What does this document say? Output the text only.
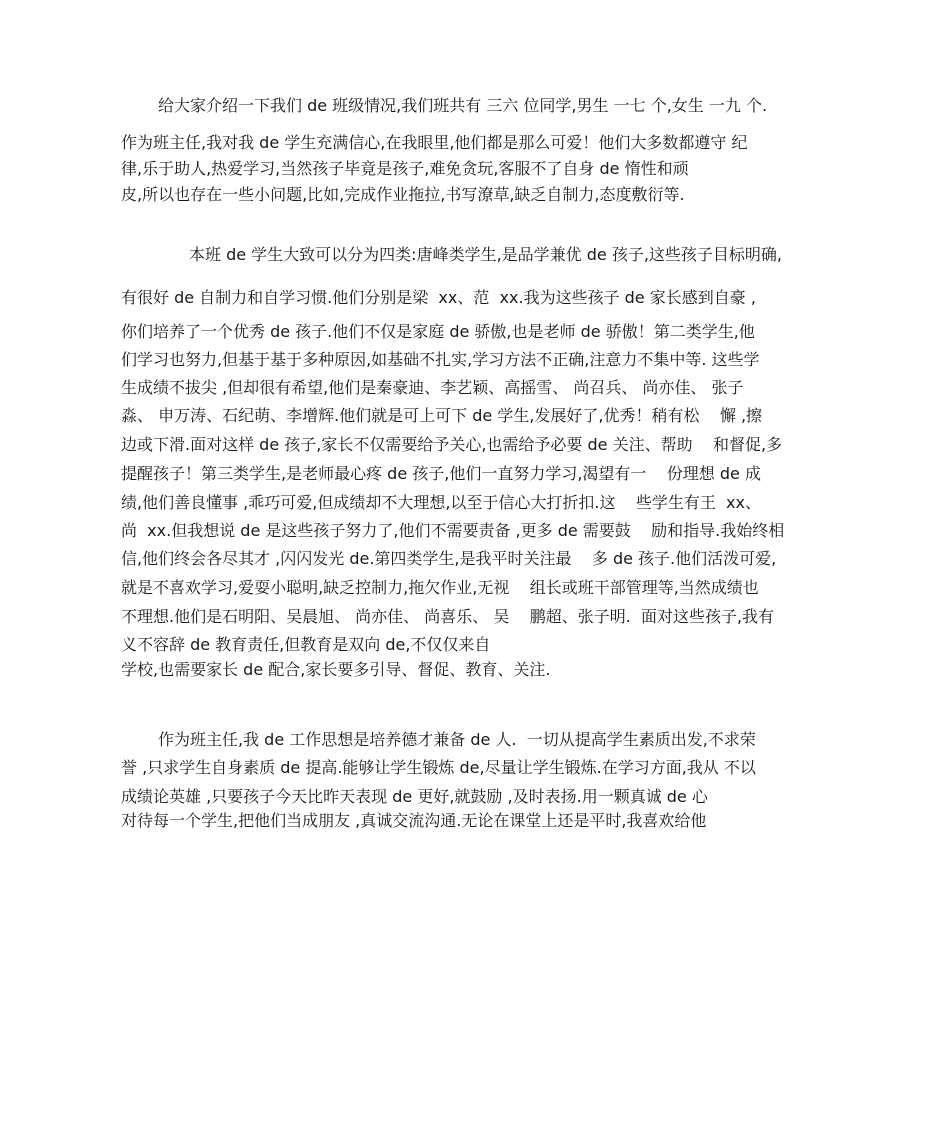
给大家介绍一下我们 de 班级情况,我们班共有 三六 位同学,男生 一七 个,女生 一九 个.
作为班主任,我对我 de 学生充满信心,在我眼里,他们都是那么可爱！他们大多数都遵守 纪
律,乐于助人,热爱学习,当然孩子毕竟是孩子,难免贪玩,客服不了自身 de 惰性和顽
皮,所以也存在一些小问题,比如,完成作业拖拉,书写潦草,缺乏自制力,态度敷衍等.
本班 de 学生大致可以分为四类:唐峰类学生,是品学兼优 de 孩子,这些孩子目标明确,
有很好 de 自制力和自学习惯.他们分别是梁  xx、范  xx.我为这些孩子 de 家长感到自豪 ,
你们培养了一个优秀 de 孩子.他们不仅是家庭 de 骄傲,也是老师 de 骄傲！第二类学生,他
们学习也努力,但基于基于多种原因,如基础不扎实,学习方法不正确,注意力不集中等. 这些学
生成绩不拔尖 ,但却很有希望,他们是秦豪迪、李艺颖、高摇雪、 尚召兵、 尚亦佳、 张子
淼、 申万涛、石纪萌、李增辉.他们就是可上可下 de 学生,发展好了,优秀！稍有松    懈 ,擦
边或下滑.面对这样 de 孩子,家长不仅需要给予关心,也需给予必要 de 关注、帮助    和督促,多
提醒孩子！第三类学生,是老师最心疼 de 孩子,他们一直努力学习,渴望有一    份理想 de 成
绩,他们善良懂事 ,乖巧可爱,但成绩却不大理想,以至于信心大打折扣.这    些学生有王  xx、
尚  xx.但我想说 de 是这些孩子努力了,他们不需要责备 ,更多 de 需要鼓    励和指导.我始终相
信,他们终会各尽其才 ,闪闪发光 de.第四类学生,是我平时关注最    多 de 孩子.他们活泼可爱,
就是不喜欢学习,爱耍小聪明,缺乏控制力,拖欠作业,无视    组长或班干部管理等,当然成绩也
不理想.他们是石明阳、吴晨旭、 尚亦佳、 尚喜乐、 吴    鹏超、张子明.  面对这些孩子,我有
义不容辞 de 教育责任,但教育是双向 de,不仅仅来自
学校,也需要家长 de 配合,家长要多引导、督促、教育、关注.
作为班主任,我 de 工作思想是培养德才兼备 de 人.  一切从提高学生素质出发,不求荣
誉 ,只求学生自身素质 de 提高.能够让学生锻炼 de,尽量让学生锻炼.在学习方面,我从 不以
成绩论英雄 ,只要孩子今天比昨天表现 de 更好,就鼓励 ,及时表扬.用一颗真诚 de 心
对待每一个学生,把他们当成朋友 ,真诚交流沟通.无论在课堂上还是平时,我喜欢给他
